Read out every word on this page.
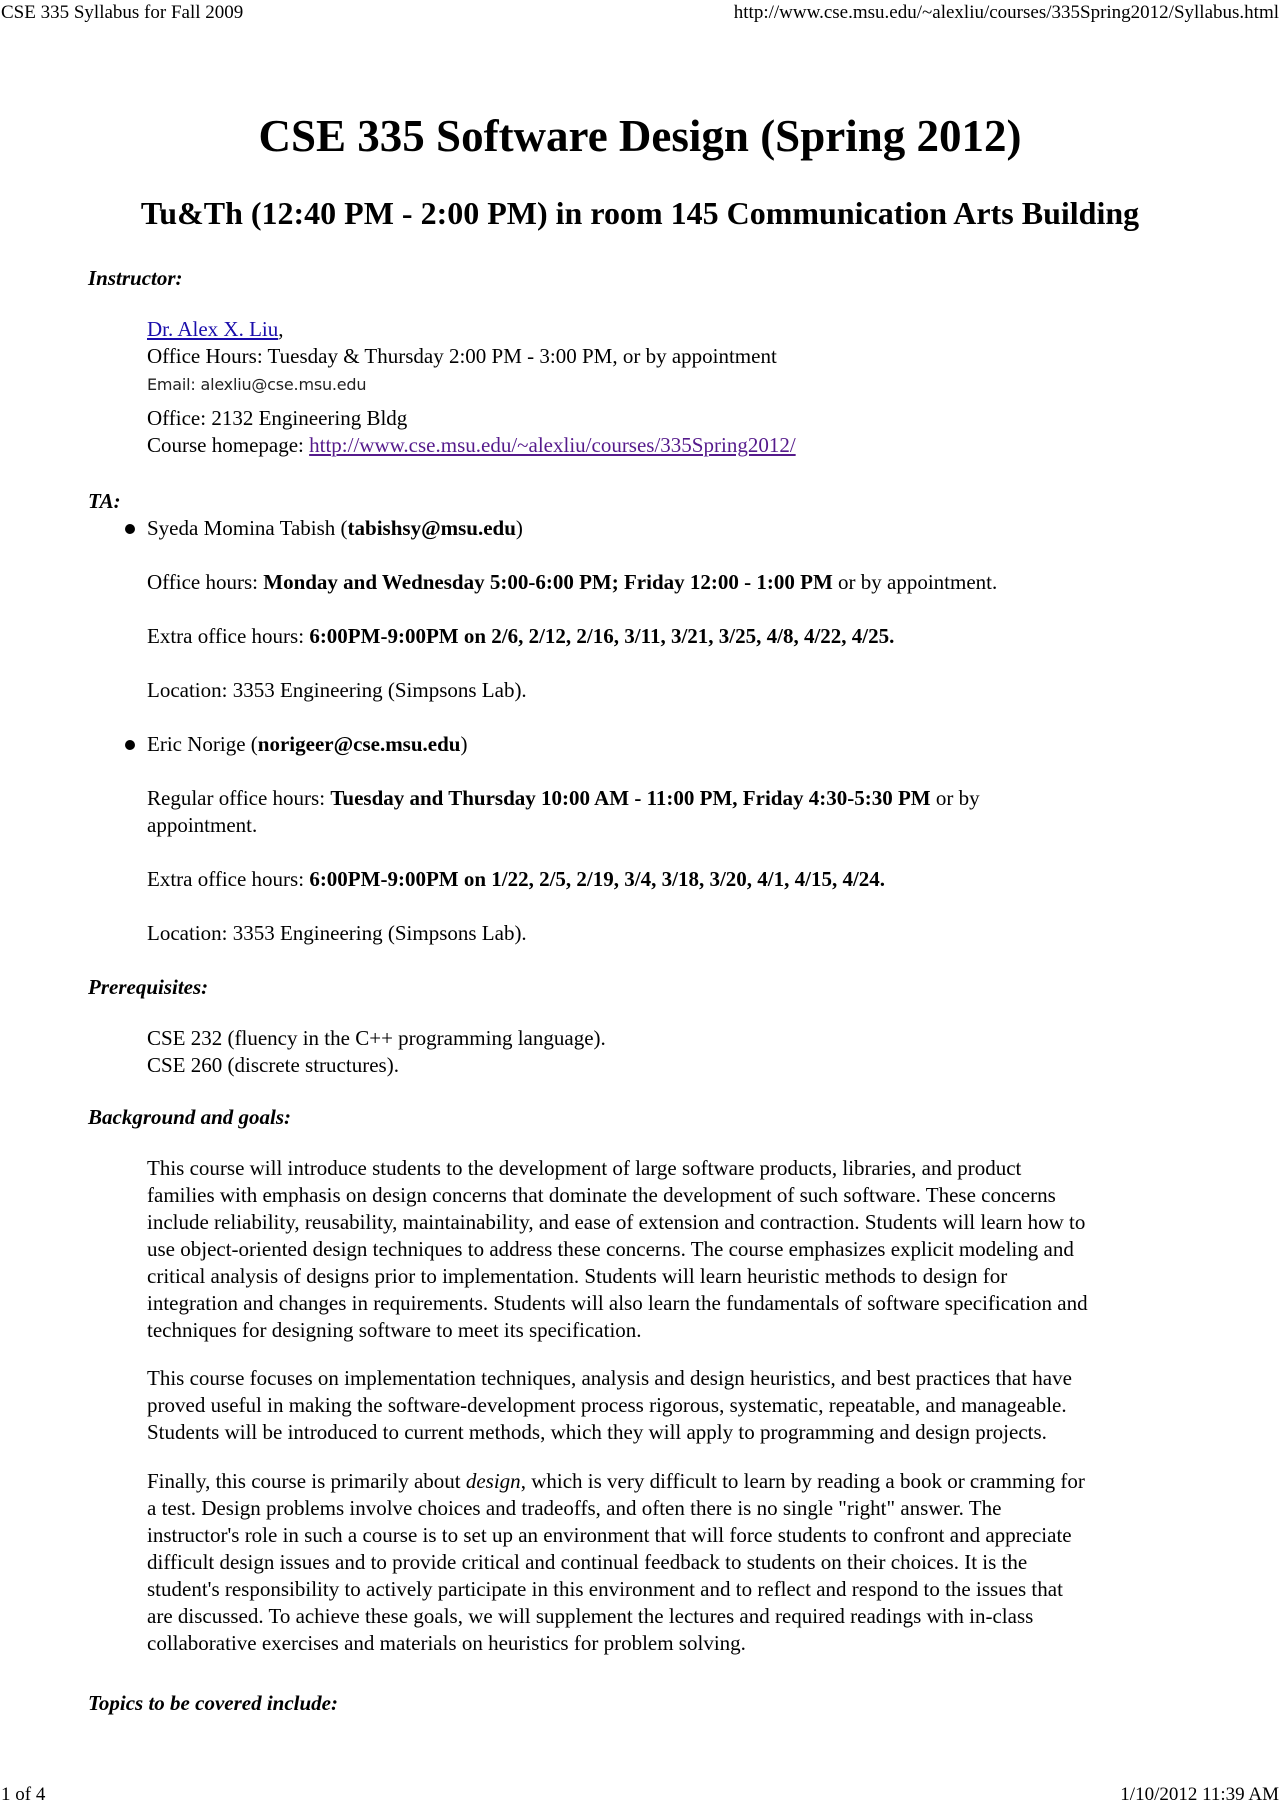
CSE 335 Syllabus for Fall 2009	http://www.cse.msu.edu/~alexliu/courses/335Spring2012/Syllabus.html
CSE 335 Software Design (Spring 2012)
Tu&Th (12:40 PM - 2:00 PM) in room 145 Communication Arts Building
Instructor:
Dr. Alex X. Liu,
Office Hours: Tuesday & Thursday 2:00 PM - 3:00 PM, or by appointment
Email: alexliu@cse.msu.edu
Office: 2132 Engineering Bldg
Course homepage: http://www.cse.msu.edu/~alexliu/courses/335Spring2012/
TA:
Syeda Momina Tabish (tabishsy@msu.edu)
Office hours: Monday and Wednesday 5:00-6:00 PM; Friday 12:00 - 1:00 PM or by appointment.
Extra office hours: 6:00PM-9:00PM on 2/6, 2/12, 2/16, 3/11, 3/21, 3/25, 4/8, 4/22, 4/25.
Location: 3353 Engineering (Simpsons Lab).
Eric Norige (norigeer@cse.msu.edu)
Regular office hours: Tuesday and Thursday 10:00 AM - 11:00 PM, Friday 4:30-5:30 PM or by
appointment.
Extra office hours: 6:00PM-9:00PM on 1/22, 2/5, 2/19, 3/4, 3/18, 3/20, 4/1, 4/15, 4/24.
Location: 3353 Engineering (Simpsons Lab).
Prerequisites:
CSE 232 (fluency in the C++ programming language).
CSE 260 (discrete structures).
Background and goals:
This course will introduce students to the development of large software products, libraries, and product
families with emphasis on design concerns that dominate the development of such software. These concerns
include reliability, reusability, maintainability, and ease of extension and contraction. Students will learn how to
use object-oriented design techniques to address these concerns. The course emphasizes explicit modeling and
critical analysis of designs prior to implementation. Students will learn heuristic methods to design for
integration and changes in requirements. Students will also learn the fundamentals of software specification and
techniques for designing software to meet its specification.
This course focuses on implementation techniques, analysis and design heuristics, and best practices that have
proved useful in making the software-development process rigorous, systematic, repeatable, and manageable.
Students will be introduced to current methods, which they will apply to programming and design projects.
Finally, this course is primarily about design, which is very difficult to learn by reading a book or cramming for
a test. Design problems involve choices and tradeoffs, and often there is no single "right" answer. The
instructor's role in such a course is to set up an environment that will force students to confront and appreciate
difficult design issues and to provide critical and continual feedback to students on their choices. It is the
student's responsibility to actively participate in this environment and to reflect and respond to the issues that
are discussed. To achieve these goals, we will supplement the lectures and required readings with in-class
collaborative exercises and materials on heuristics for problem solving.
Topics to be covered include:
1 of 4	1/10/2012 11:39 AM
